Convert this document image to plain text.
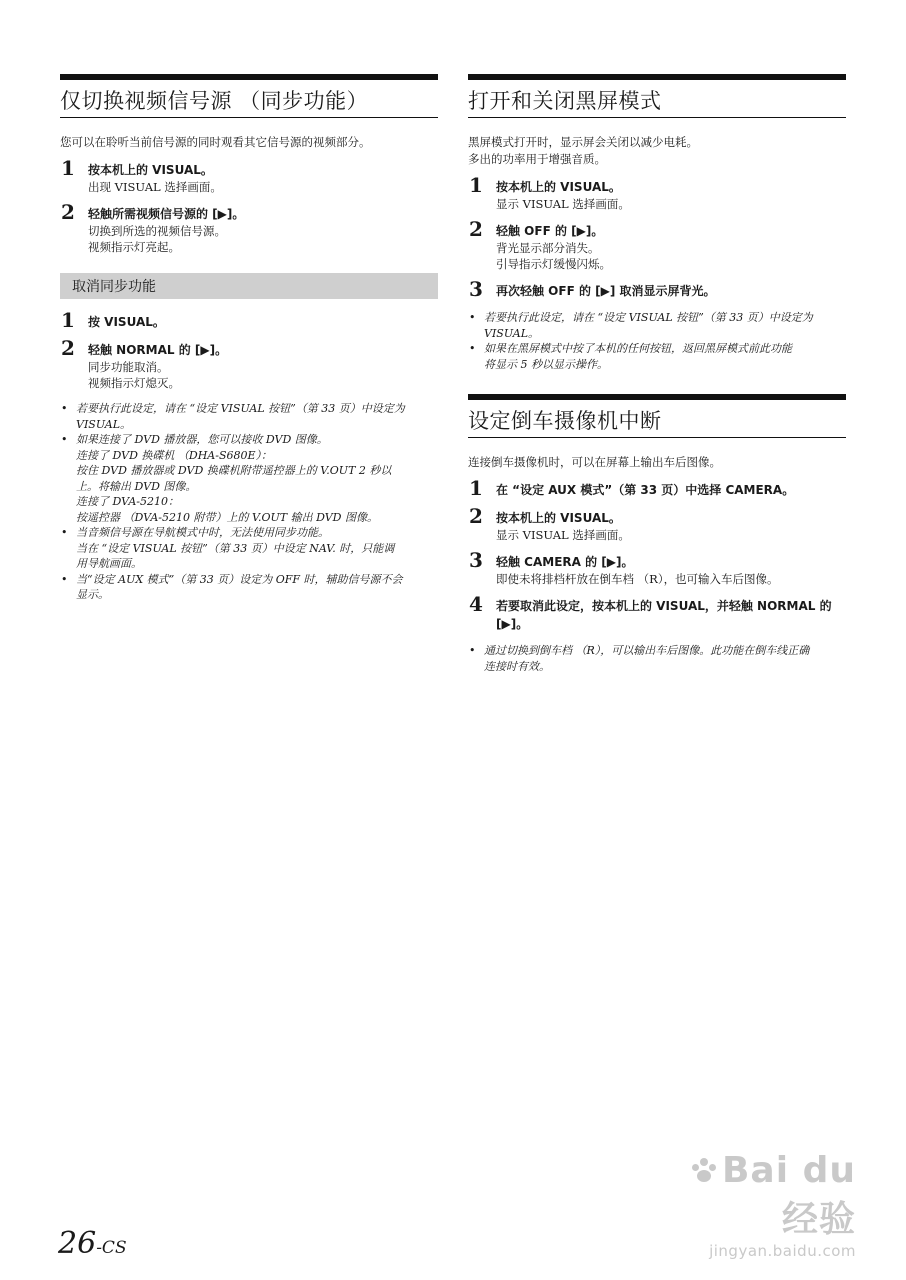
仅切换视频信号源 （同步功能）
您可以在聆听当前信号源的同时观看其它信号源的视频部分。
1 按本机上的 VISUAL。
出现 VISUAL 选择画面。
2 轻触所需视频信号源的 [▶]。
切换到所选的视频信号源。
视频指示灯亮起。
取消同步功能
1 按 VISUAL。
2 轻触 NORMAL 的 [▶]。
同步功能取消。
视频指示灯熄灭。
• 若要执行此设定，请在 “设定 VISUAL 按钮”（第 33 页）中设定为
VISUAL。
• 如果连接了 DVD 播放器，您可以接收 DVD 图像。
连接了 DVD 换碟机 （DHA-S680E）：
按住 DVD 播放器或 DVD 换碟机附带遥控器上的 V.OUT 2 秒以
上。将输出 DVD 图像。
连接了 DVA-5210：
按遥控器 （DVA-5210 附带）上的 V.OUT 输出 DVD 图像。
• 当音频信号源在导航模式中时，无法使用同步功能。
当在 “设定 VISUAL 按钮”（第 33 页）中设定 NAV. 时，只能调
用导航画面。
• 当“设定 AUX 模式”（第 33 页）设定为 OFF 时，辅助信号源不会
显示。
打开和关闭黑屏模式
黑屏模式打开时，显示屏会关闭以减少电耗。
多出的功率用于增强音质。
1 按本机上的 VISUAL。
显示 VISUAL 选择画面。
2 轻触 OFF 的 [▶]。
背光显示部分消失。
引导指示灯缓慢闪烁。
3 再次轻触 OFF 的 [▶] 取消显示屏背光。
• 若要执行此设定，请在 “设定 VISUAL 按钮”（第 33 页）中设定为
VISUAL。
• 如果在黑屏模式中按了本机的任何按钮，返回黑屏模式前此功能
将显示 5 秒以显示操作。
设定倒车摄像机中断
连接倒车摄像机时，可以在屏幕上输出车后图像。
1 在 “设定 AUX 模式”（第 33 页）中选择 CAMERA。
2 按本机上的 VISUAL。
显示 VISUAL 选择画面。
3 轻触 CAMERA 的 [▶]。
即使未将排档杆放在倒车档 （R），也可输入车后图像。
4 若要取消此设定，按本机上的 VISUAL，并轻触 NORMAL 的
[▶]。
• 通过切换到倒车档 （R），可以输出车后图像。此功能在倒车线正确
连接时有效。
26-CS
Bai du 经验
jingyan.baidu.com
